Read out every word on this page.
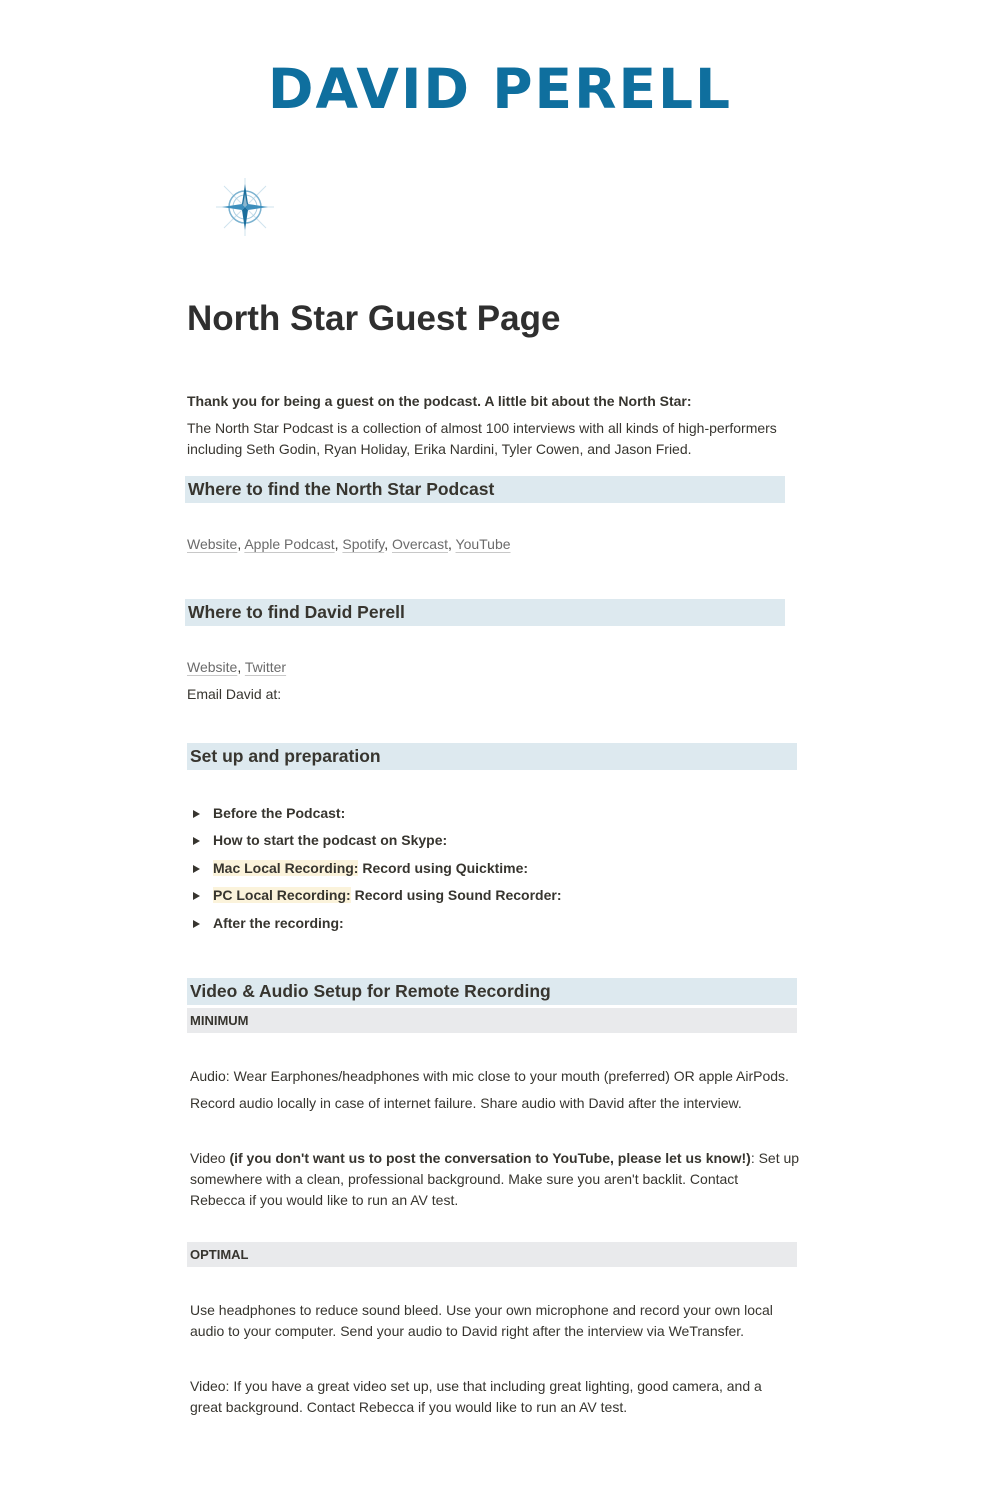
DAVID PERELL
North Star Guest Page
Thank you for being a guest on the podcast. A little bit about the North Star:
The North Star Podcast is a collection of almost 100 interviews with all kinds of high-performers
including Seth Godin, Ryan Holiday, Erika Nardini, Tyler Cowen, and Jason Fried.
Where to find the North Star Podcast
Website, Apple Podcast, Spotify, Overcast, YouTube
Where to find David Perell
Website, Twitter
Email David at:
Set up and preparation
Before the Podcast:
How to start the podcast on Skype:
Mac Local Recording: Record using Quicktime:
PC Local Recording: Record using Sound Recorder:
After the recording:
Video & Audio Setup for Remote Recording
MINIMUM
Audio: Wear Earphones/headphones with mic close to your mouth (preferred) OR apple AirPods.
Record audio locally in case of internet failure. Share audio with David after the interview.
Video (if you don't want us to post the conversation to YouTube, please let us know!): Set up
somewhere with a clean, professional background. Make sure you aren't backlit. Contact
Rebecca if you would like to run an AV test.
OPTIMAL
Use headphones to reduce sound bleed. Use your own microphone and record your own local
audio to your computer. Send your audio to David right after the interview via WeTransfer.
Video: If you have a great video set up, use that including great lighting, good camera, and a
great background. Contact Rebecca if you would like to run an AV test.
